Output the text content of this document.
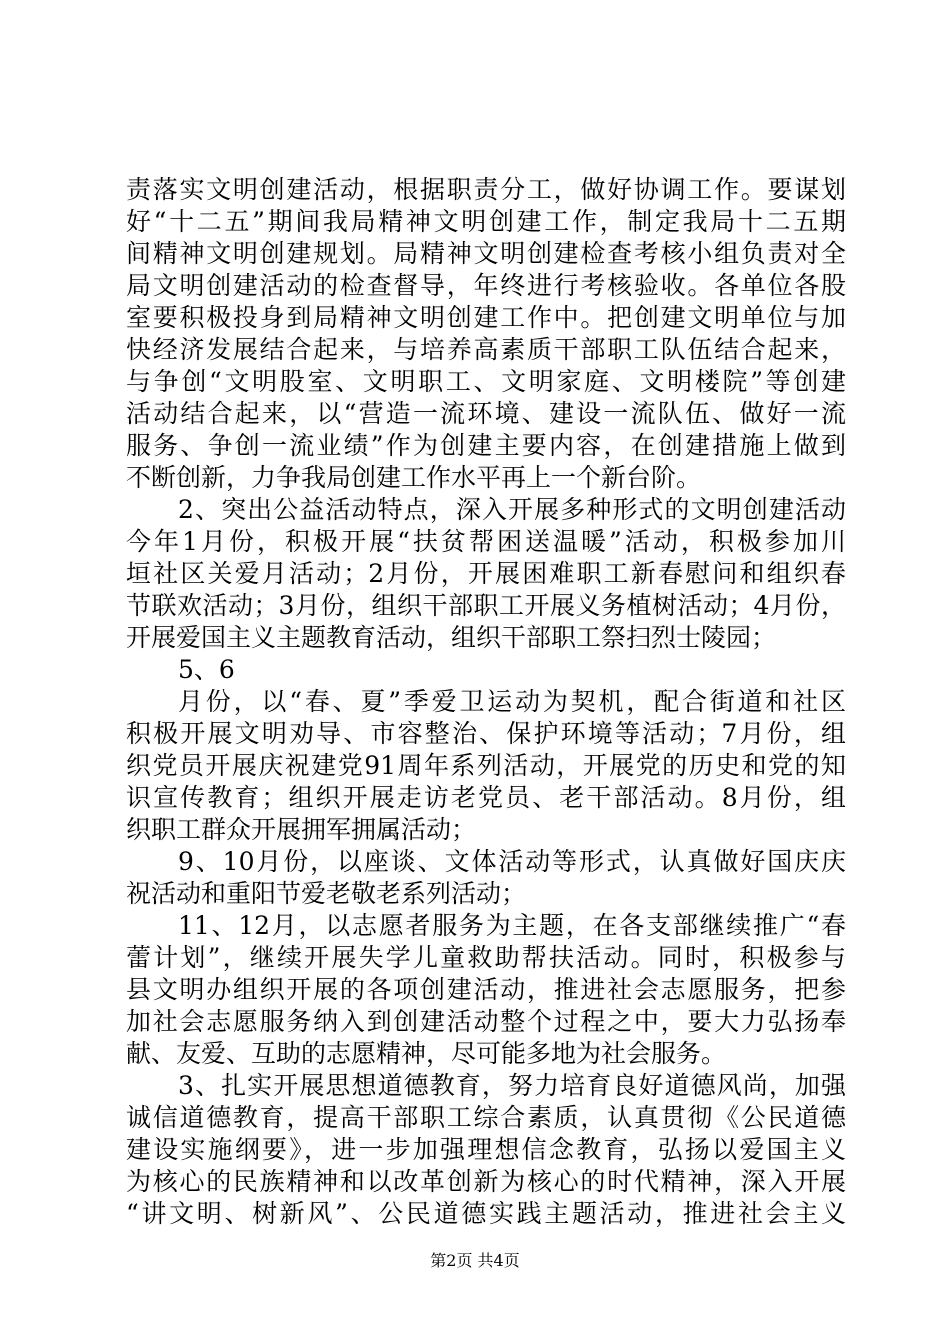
责落实文明创建活动，根据职责分工，做好协调工作。要谋划
好“十二五”期间我局精神文明创建工作，制定我局十二五期
间精神文明创建规划。局精神文明创建检查考核小组负责对全
局文明创建活动的检查督导，年终进行考核验收。各单位各股
室要积极投身到局精神文明创建工作中。把创建文明单位与加
快经济发展结合起来，与培养高素质干部职工队伍结合起来，
与争创“文明股室、文明职工、文明家庭、文明楼院”等创建
活动结合起来，以“营造一流环境、建设一流队伍、做好一流
服务、争创一流业绩”作为创建主要内容，在创建措施上做到
不断创新，力争我局创建工作水平再上一个新台阶。
2、突出公益活动特点，深入开展多种形式的文明创建活动
今年1月份，积极开展“扶贫帮困送温暖”活动，积极参加川
垣社区关爱月活动；2月份，开展困难职工新春慰问和组织春
节联欢活动；3月份，组织干部职工开展义务植树活动；4月份，
开展爱国主义主题教育活动，组织干部职工祭扫烈士陵园；
5、6
月份，以“春、夏”季爱卫运动为契机，配合街道和社区
积极开展文明劝导、市容整治、保护环境等活动；7月份，组
织党员开展庆祝建党91周年系列活动，开展党的历史和党的知
识宣传教育；组织开展走访老党员、老干部活动。8月份，组
织职工群众开展拥军拥属活动；
9、10月份，以座谈、文体活动等形式，认真做好国庆庆
祝活动和重阳节爱老敬老系列活动；
11、12月，以志愿者服务为主题，在各支部继续推广“春
蕾计划”，继续开展失学儿童救助帮扶活动。同时，积极参与
县文明办组织开展的各项创建活动，推进社会志愿服务，把参
加社会志愿服务纳入到创建活动整个过程之中，要大力弘扬奉
献、友爱、互助的志愿精神，尽可能多地为社会服务。
3、扎实开展思想道德教育，努力培育良好道德风尚，加强
诚信道德教育，提高干部职工综合素质，认真贯彻《公民道德
建设实施纲要》，进一步加强理想信念教育，弘扬以爱国主义
为核心的民族精神和以改革创新为核心的时代精神，深入开展
“讲文明、树新风”、公民道德实践主题活动，推进社会主义
第2页 共4页
